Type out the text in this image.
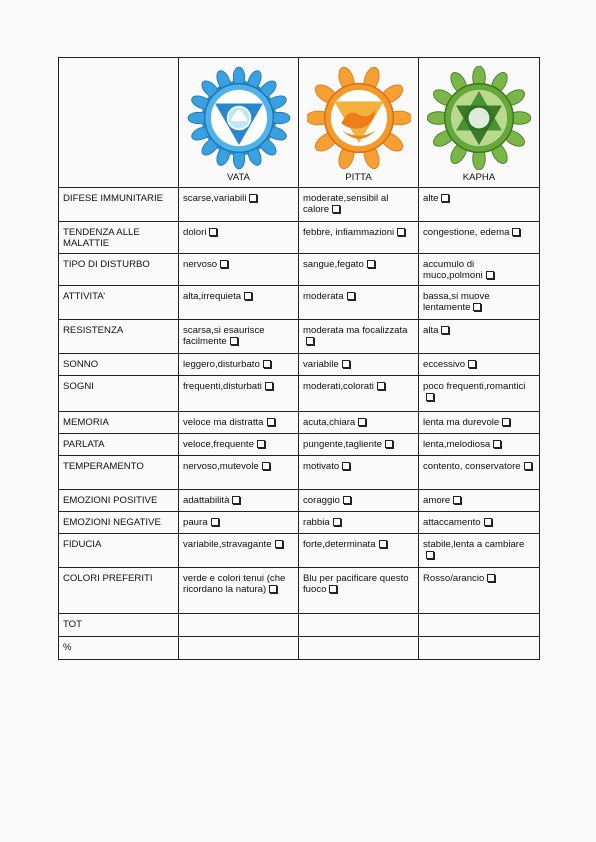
	VATA	PITTA	KAPHA

DIFESE IMMUNITARIE	scarse,variabili	moderate,sensibil al calore	alte
TENDENZA ALLE MALATTIE	dolori	febbre, infiammazioni	congestione, edema
TIPO DI DISTURBO	nervoso	sangue,fegato	accumulo di muco,polmoni
ATTIVITA’	alta,irrequieta	moderata	bassa,si muove lentamente
RESISTENZA	scarsa,si esaurisce facilmente	moderata ma focalizzata	alta
SONNO	leggero,disturbato	variabile	eccessivo
SOGNI	frequenti,disturbati	moderati,colorati	poco frequenti,romantici
MEMORIA	veloce ma distratta	acuta,chiara	lenta ma durevole
PARLATA	veloce,frequente	pungente,tagliente	lenta,melodiosa
TEMPERAMENTO	nervoso,mutevole	motivato	contento, conservatore
EMOZIONI POSITIVE	adattabilità	coraggio	amore
EMOZIONI NEGATIVE	paura	rabbia	attaccamento
FIDUCIA	variabile,stravagante	forte,determinata	stabile,lenta a cambiare
COLORI PREFERITI	verde e colori tenui (che ricordano la natura)	Blu per pacificare questo fuoco	Rosso/arancio
TOT			
%			
